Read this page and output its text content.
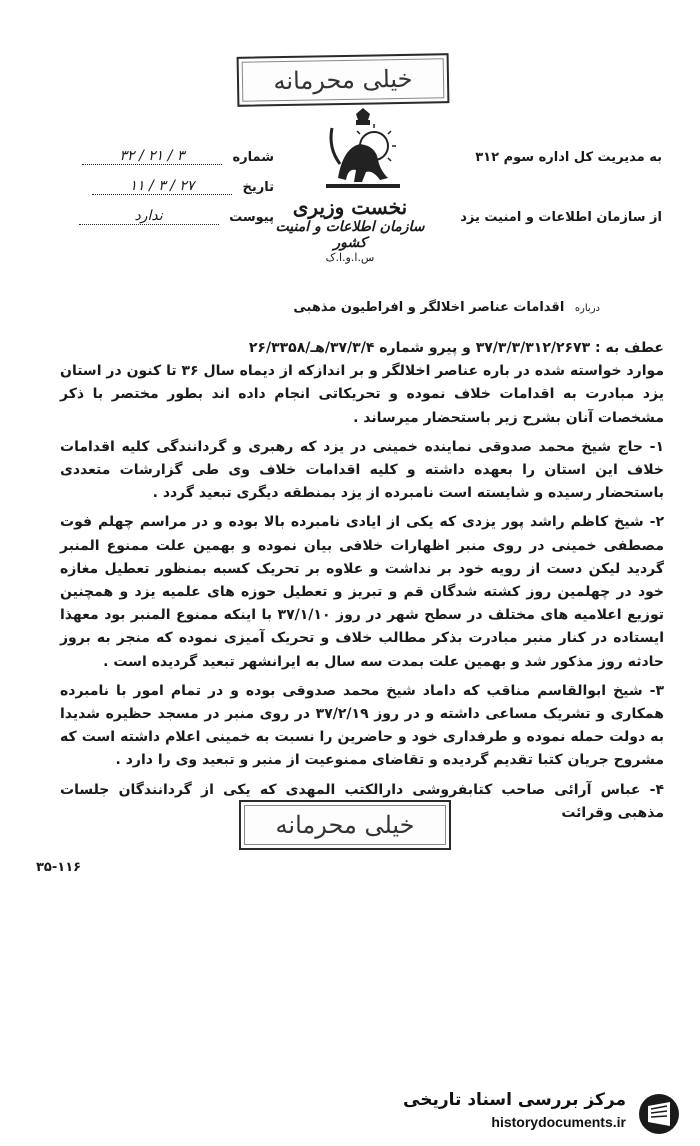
خیلی محرمانه
به مدیریت کل اداره سوم ۳۱۲
از سازمان اطلاعات و امنیت یزد
شماره ۳ / ۲۱ / ۳۲
تاریخ ۲۷ / ۳ / ۱۱
پیوست ندارد	نخست وزیری
سازمان اطلاعات و امنیت کشور
س.ا.و.ا.ک
درباره اقدامات عناصر اخلالگر و افراطیون مذهبی

عطف به : ۳۷/۳/۳/۳۱۲/۲۶۷۳ و پیرو شماره ۳۷/۳/۴/هـ/۲۶/۳۳۵۸

موارد خواسته شده در باره عناصر اخلالگر و بر اندازکه از دیماه سال ۳۶ تا کنون در استان یزد مبادرت به اقدامات خلاف نموده و تحریکاتی انجام داده اند بطور مختصر با ذکر مشخصات آنان بشرح زیر باستحضار میرساند .

۱- حاج شیخ محمد صدوقی نماینده خمینی در یزد که رهبری و گردانندگی کلیه اقدامات خلاف این استان را بعهده داشته و کلیه اقدامات خلاف وی طی گزارشات متعددی باستحضار رسیده و شایسته است نامبرده از یزد بمنطقه دیگری تبعید گردد .

۲- شیخ کاظم راشد پور یزدی که یکی از ایادی نامبرده بالا بوده و در مراسم چهلم فوت مصطفی خمینی در روی منبر اظهارات خلافی بیان نموده و بهمین علت ممنوع المنبر گردید لیکن دست از رویه خود بر نداشت و علاوه بر تحریک کسبه بمنظور تعطیل مغازه خود در چهلمین روز کشته شدگان قم و تبریز و تعطیل حوزه های علمیه یزد و همچنین توزیع اعلامیه های مختلف در سطح شهر در روز ۳۷/۱/۱۰ با اینکه ممنوع المنبر بود معهذا ایستاده در کنار منبر مبادرت بذکر مطالب خلاف و تحریک آمیزی نموده که منجر به بروز حادثه روز مذکور شد و بهمین علت بمدت سه سال به ایرانشهر تبعید گردیده است .

۳- شیخ ابوالقاسم مناقب که داماد شیخ محمد صدوقی بوده و در تمام امور با نامبرده همکاری و تشریک مساعی داشته و در روز ۳۷/۲/۱۹ در روی منبر در مسجد حظیره شدیدا به دولت حمله نموده و طرفداری خود و حاضرین را نسبت به خمینی اعلام داشته است که مشروح جریان کتبا تقدیم گردیده و تقاضای ممنوعیت از منبر و تبعید وی را دارد .

۴- عباس آرائی صاحب کتابفروشی دارالکتب المهدی که یکی از گردانندگان جلسات مذهبی وقرائت

خیلی محرمانه
۳۵-۱۱۶
مرکز بررسی اسناد تاریخی
historydocuments.ir
